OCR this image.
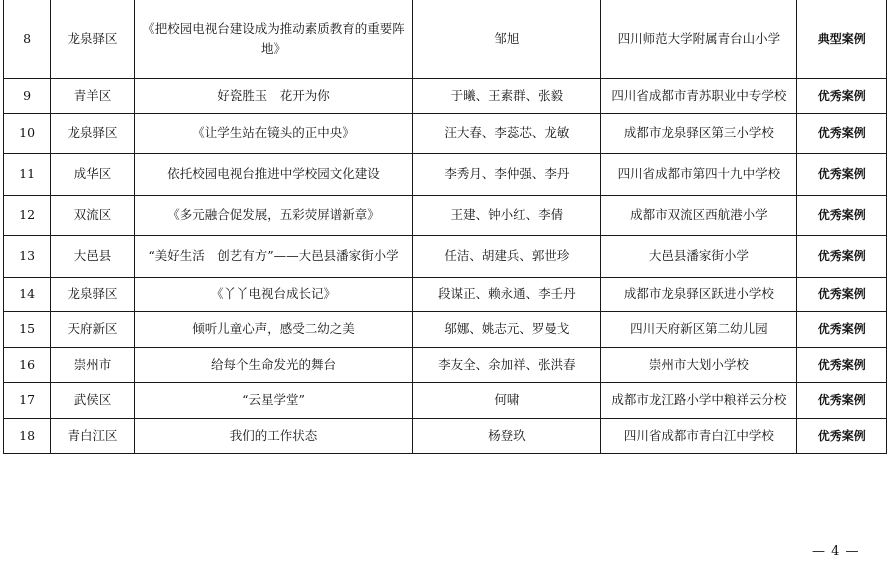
8	龙泉驿区	《把校园电视台建设成为推动素质教育的重要阵地》	邹旭	四川师范大学附属青台山小学	典型案例
9	青羊区	好瓷胜玉　花开为你	于曦、王素群、张毅	四川省成都市青苏职业中专学校	优秀案例
10	龙泉驿区	《让学生站在镜头的正中央》	汪大春、李蕊芯、龙敏	成都市龙泉驿区第三小学校	优秀案例
11	成华区	依托校园电视台推进中学校园文化建设	李秀月、李仲强、李丹	四川省成都市第四十九中学校	优秀案例
12	双流区	《多元融合促发展，五彩荧屏谱新章》	王建、钟小红、李倩	成都市双流区西航港小学	优秀案例
13	大邑县	“美好生活　创艺有方”——大邑县潘家街小学	任洁、胡建兵、郭世珍	大邑县潘家街小学	优秀案例
14	龙泉驿区	《丫丫电视台成长记》	段谋正、赖永通、李壬丹	成都市龙泉驿区跃进小学校	优秀案例
15	天府新区	倾听儿童心声，感受二幼之美	邬娜、姚志元、罗曼戈	四川天府新区第二幼儿园	优秀案例
16	崇州市	给每个生命发光的舞台	李友全、余加祥、张洪春	崇州市大划小学校	优秀案例
17	武侯区	“云星学堂”	何啸	成都市龙江路小学中粮祥云分校	优秀案例
18	青白江区	我们的工作状态	杨登玖	四川省成都市青白江中学校	优秀案例
— 4 —
